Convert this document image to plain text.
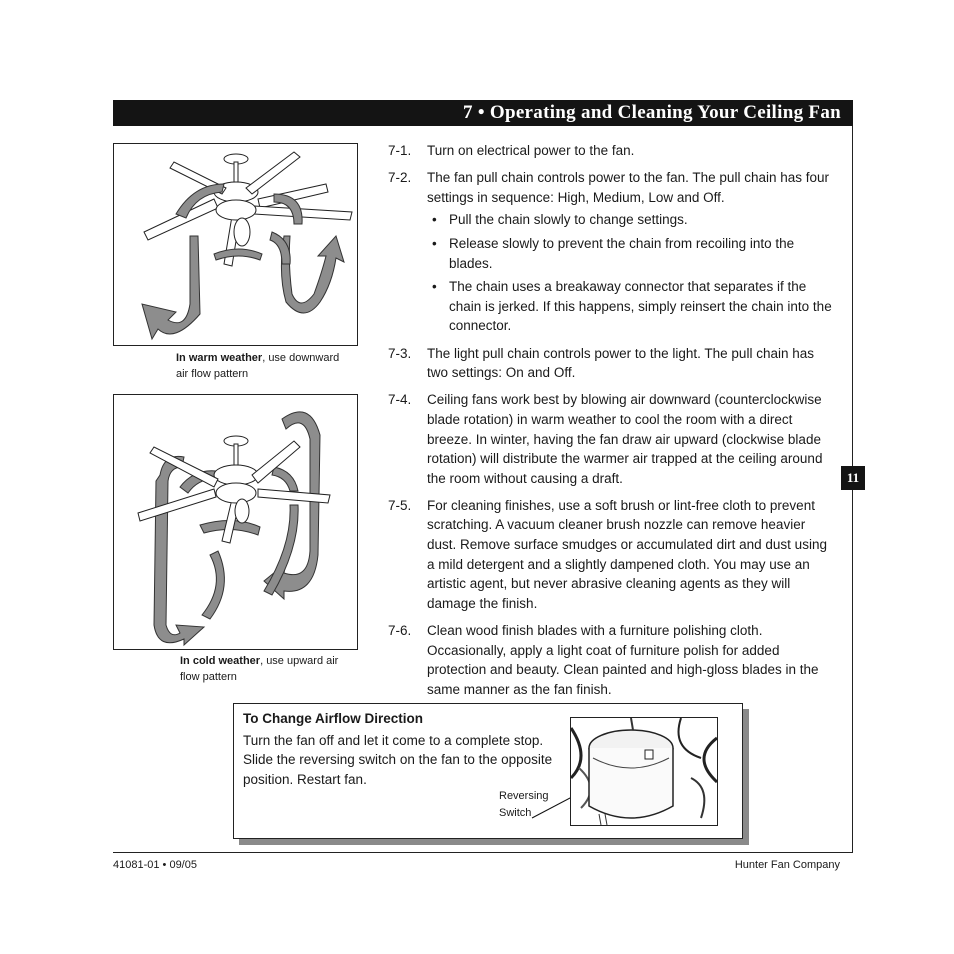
7 • Operating and Cleaning Your Ceiling Fan
11
In warm weather, use downward air flow pattern
In cold weather, use upward air flow pattern
7-1. Turn on electrical power to the fan.
7-2. The fan pull chain controls power to the fan. The pull chain has four settings in sequence: High, Medium, Low and Off.
• Pull the chain slowly to change settings.
• Release slowly to prevent the chain from recoiling into the blades.
• The chain uses a breakaway connector that separates if the chain is jerked. If this happens, simply reinsert the chain into the connector.
7-3. The light pull chain controls power to the light. The pull chain has two settings: On and Off.
7-4. Ceiling fans work best by blowing air downward (counterclockwise blade rotation) in warm weather to cool the room with a direct breeze. In winter, having the fan draw air upward (clockwise blade rotation) will distribute the warmer air trapped at the ceiling around the room without causing a draft.
7-5. For cleaning finishes, use a soft brush or lint-free cloth to prevent scratching. A vacuum cleaner brush nozzle can remove heavier dust. Remove surface smudges or accumulated dirt and dust using a mild detergent and a slightly dampened cloth. You may use an artistic agent, but never abrasive cleaning agents as they will damage the finish.
7-6. Clean wood finish blades with a furniture polishing cloth. Occasionally, apply a light coat of furniture polish for added protection and beauty. Clean painted and high-gloss blades in the same manner as the fan finish.
To Change Airflow Direction
Turn the fan off and let it come to a complete stop. Slide the reversing switch on the fan to the opposite position. Restart fan.
Reversing
Switch
41081-01 • 09/05	Hunter Fan Company
